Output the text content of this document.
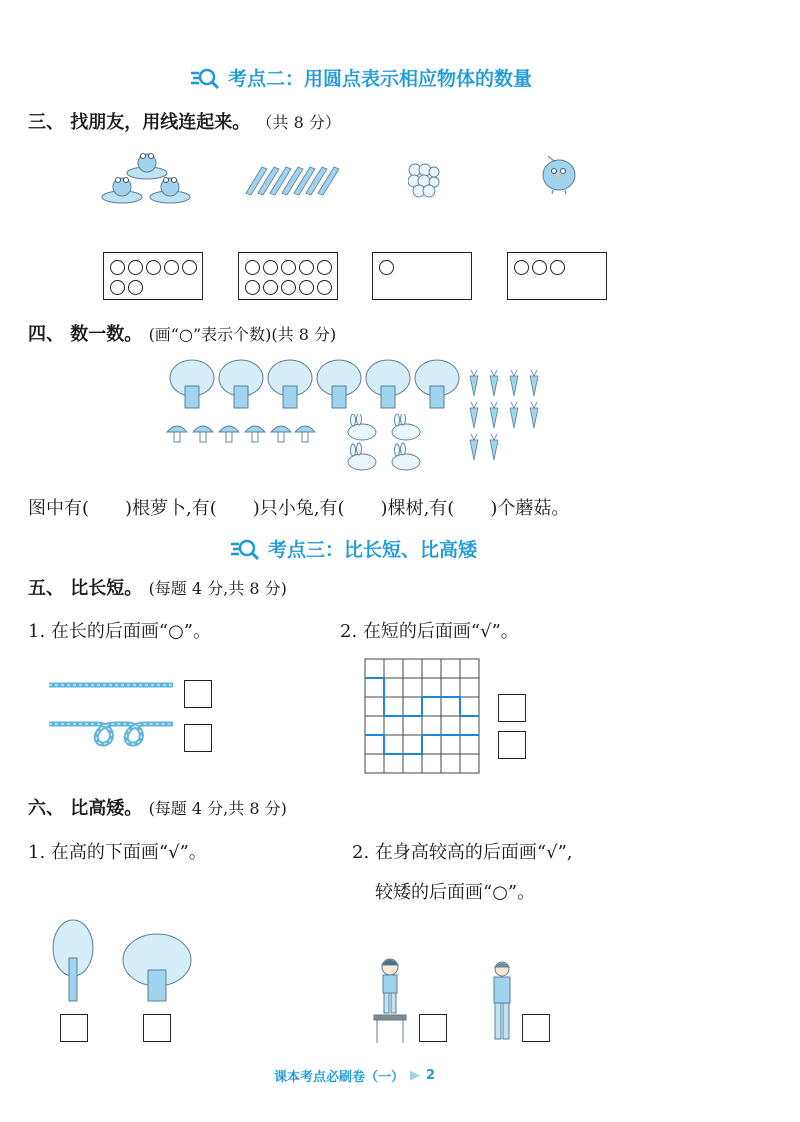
考点二：用圆点表示相应物体的数量
三、 找朋友，用线连起来。 （共 8 分）
四、 数一数。 (画“○”表示个数)(共 8 分)
图中有(　　)根萝卜,有(　　)只小兔,有(　　)棵树,有(　　)个蘑菇。
考点三：比长短、比高矮
五、 比长短。 (每题 4 分,共 8 分)
1. 在长的后面画“○”。	2. 在短的后面画“√”。
六、 比高矮。 (每题 4 分,共 8 分)
1. 在高的下面画“√”。	2. 在身高较高的后面画“√”,
较矮的后面画“○”。
课本考点必刷卷（一） ▶ 2
